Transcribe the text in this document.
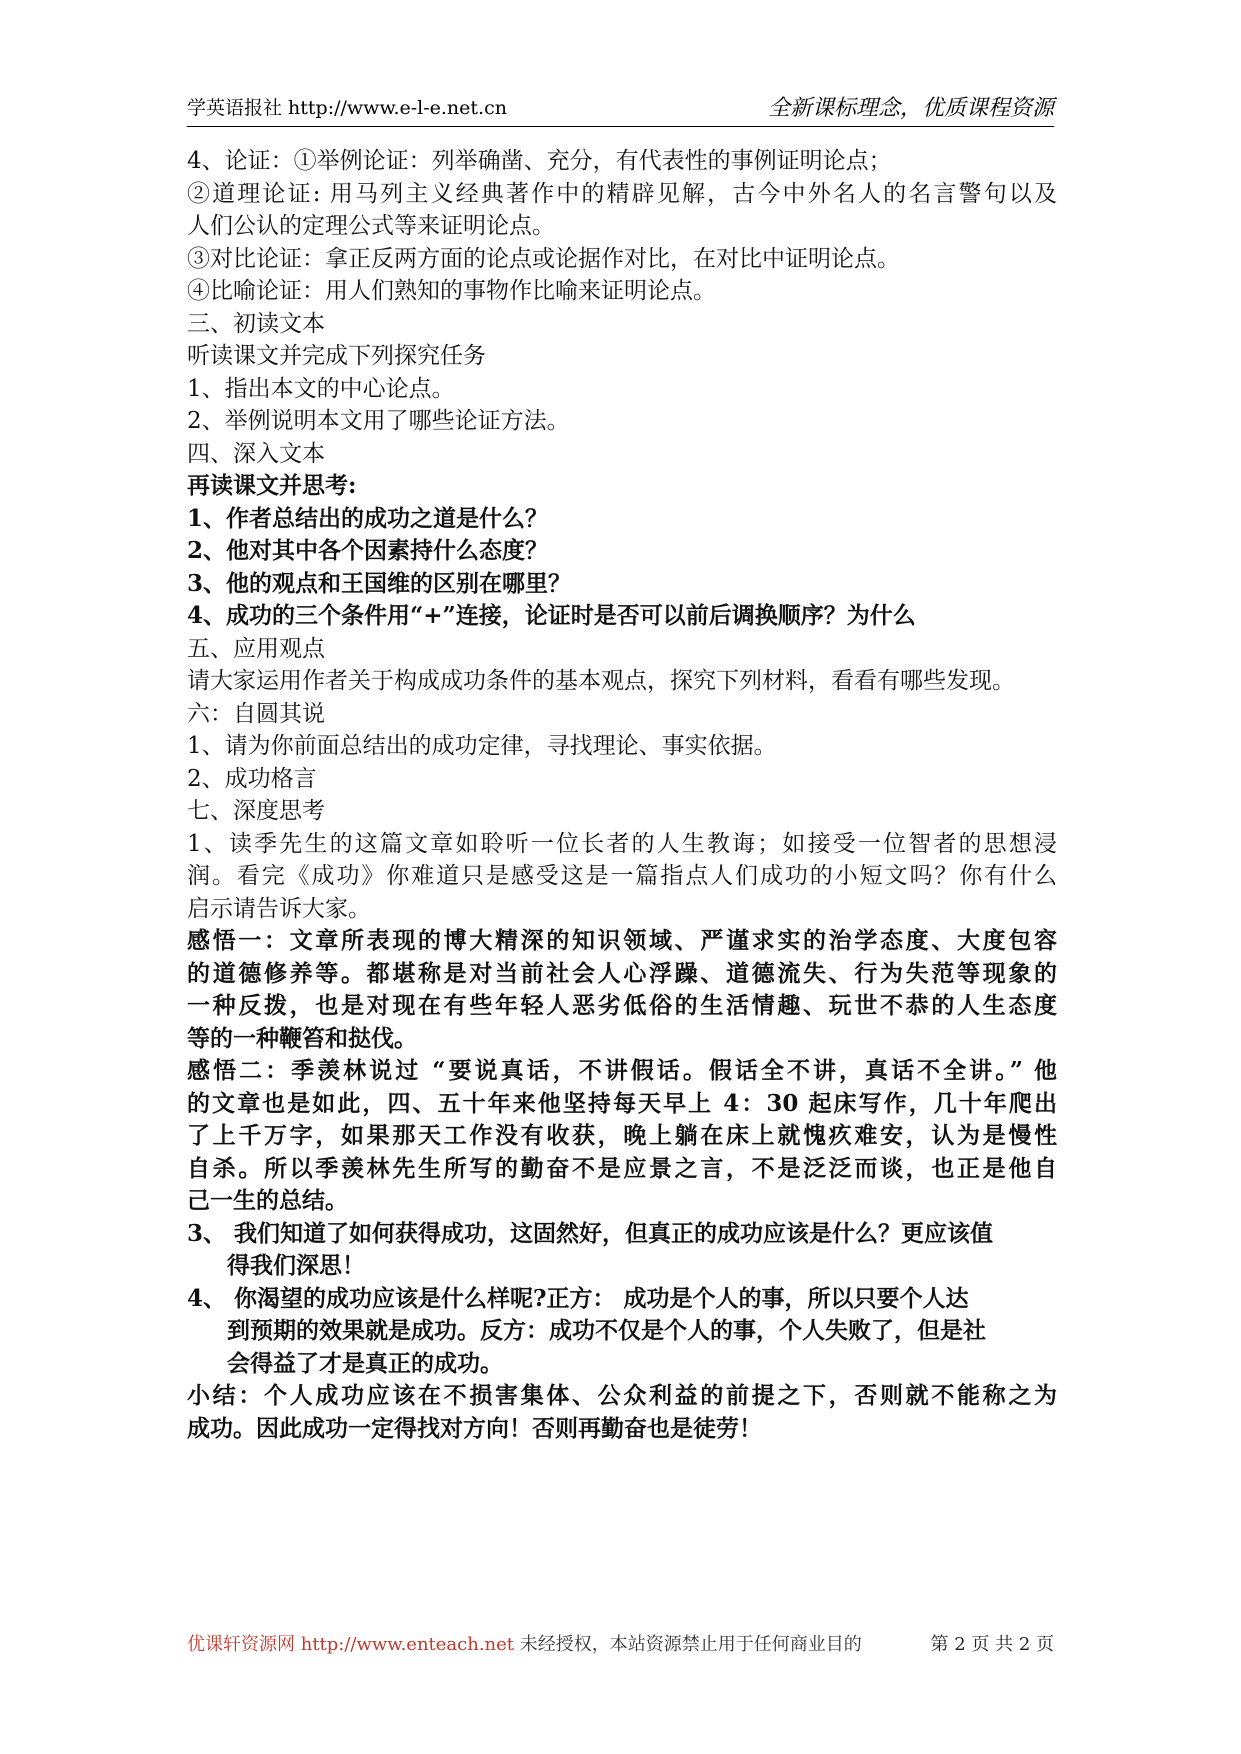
学英语报社 http://www.e-l-e.net.cn	全新课标理念，优质课程资源
4、论证：①举例论证：列举确凿、充分，有代表性的事例证明论点；
②道理论证: 用马列主义经典著作中的精辟见解，古今中外名人的名言警句以及
人们公认的定理公式等来证明论点。
③对比论证：拿正反两方面的论点或论据作对比，在对比中证明论点。
④比喻论证：用人们熟知的事物作比喻来证明论点。
三、初读文本
听读课文并完成下列探究任务
1、指出本文的中心论点。
2、举例说明本文用了哪些论证方法。
四、深入文本
再读课文并思考:
1、作者总结出的成功之道是什么？
2、他对其中各个因素持什么态度？
3、他的观点和王国维的区别在哪里？
4、成功的三个条件用“+”连接，论证时是否可以前后调换顺序？为什么
五、应用观点
请大家运用作者关于构成成功条件的基本观点，探究下列材料，看看有哪些发现。
六：自圆其说
1、请为你前面总结出的成功定律，寻找理论、事实依据。
2、成功格言
七、深度思考
1、读季先生的这篇文章如聆听一位长者的人生教诲；如接受一位智者的思想浸
润。看完《成功》你难道只是感受这是一篇指点人们成功的小短文吗？你有什么
启示请告诉大家。
感悟一：文章所表现的博大精深的知识领域、严谨求实的治学态度、大度包容
的道德修养等。都堪称是对当前社会人心浮躁、道德流失、行为失范等现象的
一种反拨，也是对现在有些年轻人恶劣低俗的生活情趣、玩世不恭的人生态度
等的一种鞭笞和挞伐。
感悟二：季羡林说过 “要说真话，不讲假话。假话全不讲，真话不全讲。” 他
的文章也是如此，四、五十年来他坚持每天早上 4：30 起床写作，几十年爬出
了上千万字，如果那天工作没有收获，晚上躺在床上就愧疚难安，认为是慢性
自杀。所以季羡林先生所写的勤奋不是应景之言，不是泛泛而谈，也正是他自
己一生的总结。
3、 我们知道了如何获得成功，这固然好，但真正的成功应该是什么？更应该值
得我们深思！
4、 你渴望的成功应该是什么样呢?正方： 成功是个人的事，所以只要个人达
到预期的效果就是成功。反方：成功不仅是个人的事，个人失败了，但是社
会得益了才是真正的成功。
小结：个人成功应该在不损害集体、公众利益的前提之下，否则就不能称之为
成功。因此成功一定得找对方向！否则再勤奋也是徒劳！
优课轩资源网 http://www.enteach.net 未经授权，本站资源禁止用于任何商业目的	第 2 页 共 2 页
